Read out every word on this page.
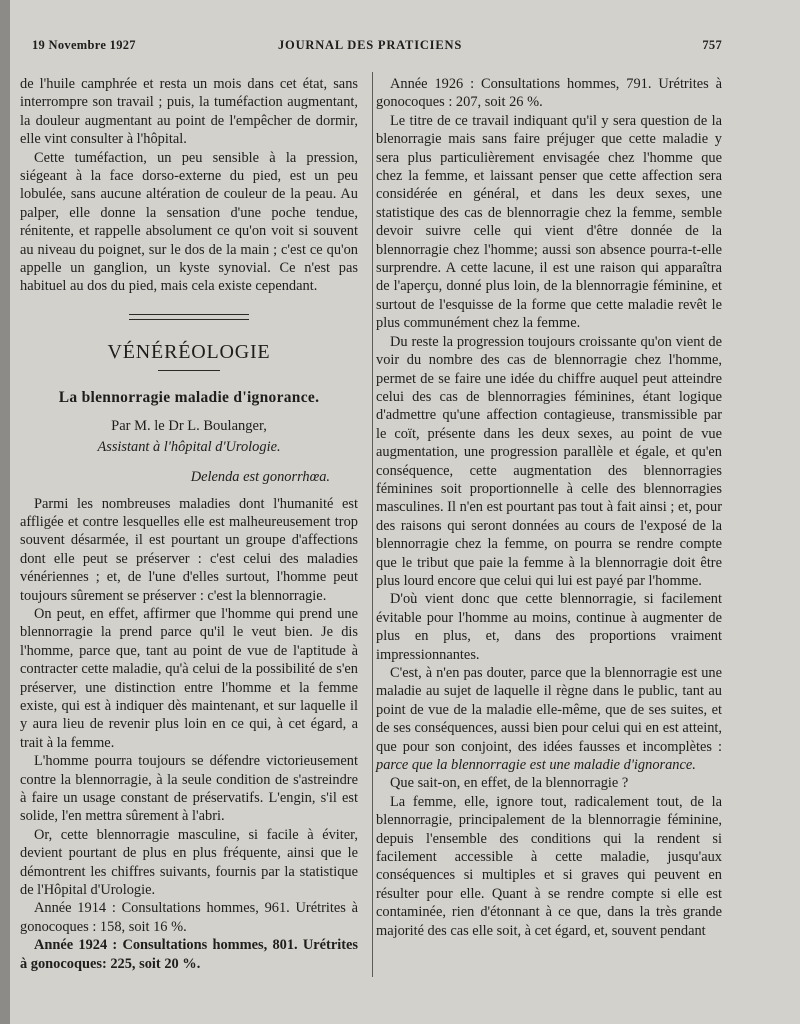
19 Novembre 1927	JOURNAL DES PRATICIENS	757

de l'huile camphrée et resta un mois dans cet état, sans interrompre son travail ; puis, la tuméfaction augmentant, la douleur augmentant au point de l'empêcher de dormir, elle vint consulter à l'hôpital.

Cette tuméfaction, un peu sensible à la pression, siégeant à la face dorso-externe du pied, est un peu lobulée, sans aucune altération de couleur de la peau. Au palper, elle donne la sensation d'une poche tendue, rénitente, et rappelle absolument ce qu'on voit si souvent au niveau du poignet, sur le dos de la main ; c'est ce qu'on appelle un ganglion, un kyste synovial. Ce n'est pas habituel au dos du pied, mais cela existe cependant.

VÉNÉRÉOLOGIE
La blennorragie maladie d'ignorance.
Par M. le Dr L. Boulanger,
Assistant à l'hôpital d'Urologie.
Delenda est gonorrhœa.

Parmi les nombreuses maladies dont l'humanité est affligée et contre lesquelles elle est malheureusement trop souvent désarmée, il est pourtant un groupe d'affections dont elle peut se préserver : c'est celui des maladies vénériennes ; et, de l'une d'elles surtout, l'homme peut toujours sûrement se préserver : c'est la blennorragie.

On peut, en effet, affirmer que l'homme qui prend une blennorragie la prend parce qu'il le veut bien. Je dis l'homme, parce que, tant au point de vue de l'aptitude à contracter cette maladie, qu'à celui de la possibilité de s'en préserver, une distinction entre l'homme et la femme existe, qui est à indiquer dès maintenant, et sur laquelle il y aura lieu de revenir plus loin en ce qui, à cet égard, a trait à la femme.

L'homme pourra toujours se défendre victorieusement contre la blennorragie, à la seule condition de s'astreindre à faire un usage constant de préservatifs. L'engin, s'il est solide, l'en mettra sûrement à l'abri.

Or, cette blennorragie masculine, si facile à éviter, devient pourtant de plus en plus fréquente, ainsi que le démontrent les chiffres suivants, fournis par la statistique de l'Hôpital d'Urologie.

Année 1914 : Consultations hommes, 961. Urétrites à gonocoques : 158, soit 16 %.

Année 1924 : Consultations hommes, 801. Urétrites à gonocoques: 225, soit 20 %.

Année 1926 : Consultations hommes, 791. Urétrites à gonocoques : 207, soit 26 %.

Le titre de ce travail indiquant qu'il y sera question de la blenorragie mais sans faire préjuger que cette maladie y sera plus particulièrement envisagée chez l'homme que chez la femme, et laissant penser que cette affection sera considérée en général, et dans les deux sexes, une statistique des cas de blennorragie chez la femme, semble devoir suivre celle qui vient d'être donnée de la blennorragie chez l'homme; aussi son absence pourra-t-elle surprendre. A cette lacune, il est une raison qui apparaîtra de l'aperçu, donné plus loin, de la blennorragie féminine, et surtout de l'esquisse de la forme que cette maladie revêt le plus communément chez la femme.

Du reste la progression toujours croissante qu'on vient de voir du nombre des cas de blennorragie chez l'homme, permet de se faire une idée du chiffre auquel peut atteindre celui des cas de blennorragies féminines, étant logique d'admettre qu'une affection contagieuse, transmissible par le coït, présente dans les deux sexes, au point de vue augmentation, une progression parallèle et égale, et qu'en conséquence, cette augmentation des blennorragies féminines soit proportionnelle à celle des blennorragies masculines. Il n'en est pourtant pas tout à fait ainsi ; et, pour des raisons qui seront données au cours de l'exposé de la blennorragie chez la femme, on pourra se rendre compte que le tribut que paie la femme à la blennorragie doit être plus lourd encore que celui qui lui est payé par l'homme.

D'où vient donc que cette blennorragie, si facilement évitable pour l'homme au moins, continue à augmenter de plus en plus, et, dans des proportions vraiment impressionnantes.

C'est, à n'en pas douter, parce que la blennorragie est une maladie au sujet de laquelle il règne dans le public, tant au point de vue de la maladie elle-même, que de ses suites, et de ses conséquences, aussi bien pour celui qui en est atteint, que pour son conjoint, des idées fausses et incomplètes : parce que la blennorragie est une maladie d'ignorance.

Que sait-on, en effet, de la blennorragie ?

La femme, elle, ignore tout, radicalement tout, de la blennorragie, principalement de la blennorragie féminine, depuis l'ensemble des conditions qui la rendent si facilement accessible à cette maladie, jusqu'aux conséquences si multiples et si graves qui peuvent en résulter pour elle. Quant à se rendre compte si elle est contaminée, rien d'étonnant à ce que, dans la très grande majorité des cas elle soit, à cet égard, et, souvent pendant
